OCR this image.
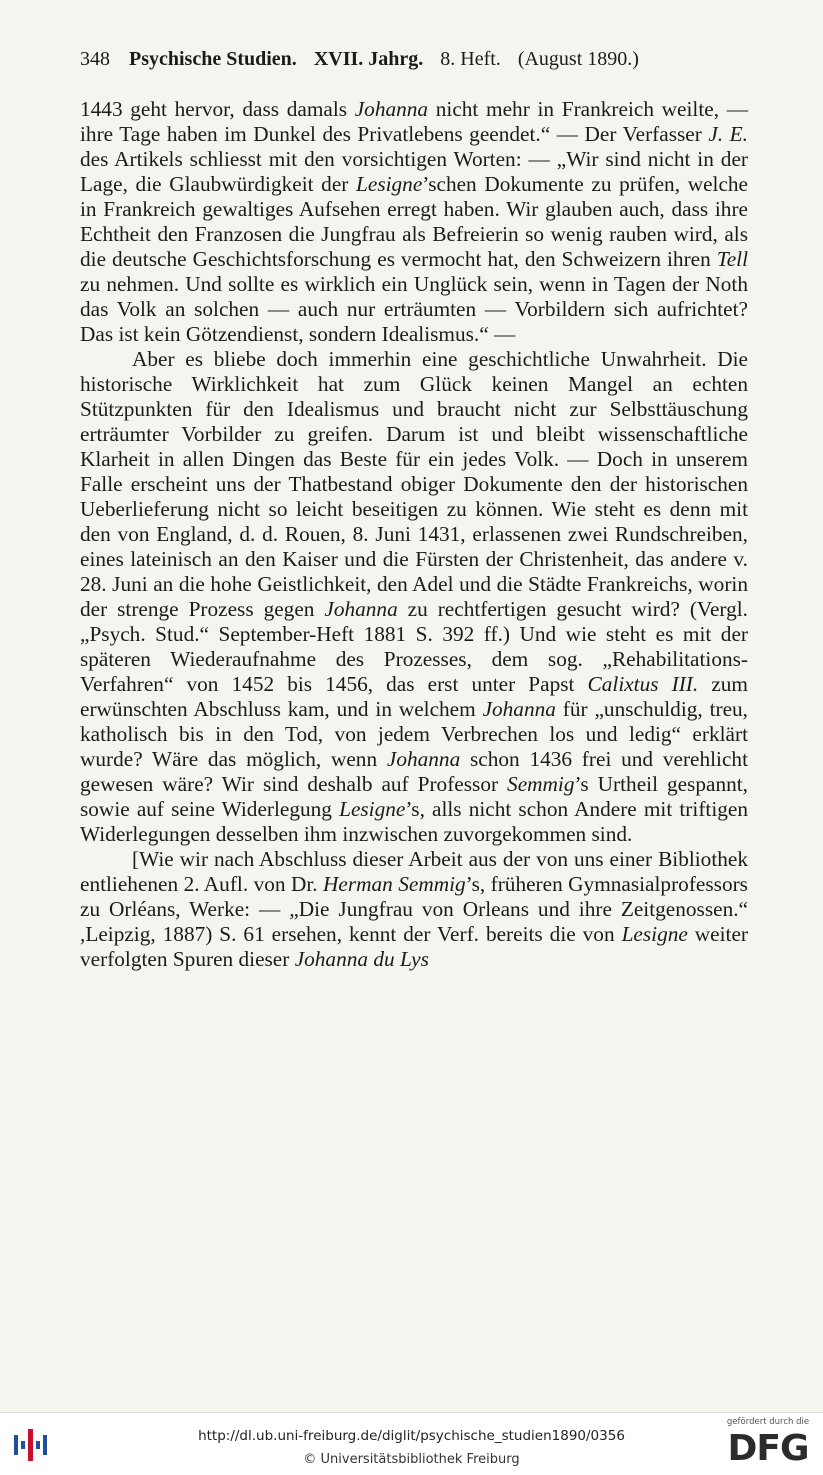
348 Psychische Studien. XVII. Jahrg. 8. Heft. (August 1890.)

1443 geht hervor, dass damals Johanna nicht mehr in Frankreich weilte, — ihre Tage haben im Dunkel des Privatlebens geendet.“ — Der Verfasser J. E. des Artikels schliesst mit den vorsichtigen Worten: — „Wir sind nicht in der Lage, die Glaubwürdigkeit der Lesigne’schen Dokumente zu prüfen, welche in Frankreich gewaltiges Aufsehen erregt haben. Wir glauben auch, dass ihre Echtheit den Franzosen die Jungfrau als Befreierin so wenig rauben wird, als die deutsche Geschichtsforschung es vermocht hat, den Schweizern ihren Tell zu nehmen. Und sollte es wirklich ein Unglück sein, wenn in Tagen der Noth das Volk an solchen — auch nur erträumten — Vorbildern sich aufrichtet? Das ist kein Götzendienst, sondern Idealismus.“ —

Aber es bliebe doch immerhin eine geschichtliche Unwahrheit. Die historische Wirklichkeit hat zum Glück keinen Mangel an echten Stützpunkten für den Idealismus und braucht nicht zur Selbsttäuschung erträumter Vorbilder zu greifen. Darum ist und bleibt wissenschaftliche Klarheit in allen Dingen das Beste für ein jedes Volk. — Doch in unserem Falle erscheint uns der Thatbestand obiger Dokumente den der historischen Ueberlieferung nicht so leicht beseitigen zu können. Wie steht es denn mit den von England, d. d. Rouen, 8. Juni 1431, erlassenen zwei Rundschreiben, eines lateinisch an den Kaiser und die Fürsten der Christenheit, das andere v. 28. Juni an die hohe Geistlichkeit, den Adel und die Städte Frankreichs, worin der strenge Prozess gegen Johanna zu rechtfertigen gesucht wird? (Vergl. „Psych. Stud.“ September-Heft 1881 S. 392 ff.) Und wie steht es mit der späteren Wiederaufnahme des Prozesses, dem sog. „Rehabilitations-Verfahren“ von 1452 bis 1456, das erst unter Papst Calixtus III. zum erwünschten Abschluss kam, und in welchem Johanna für „unschuldig, treu, katholisch bis in den Tod, von jedem Verbrechen los und ledig“ erklärt wurde? Wäre das möglich, wenn Johanna schon 1436 frei und verehlicht gewesen wäre? Wir sind deshalb auf Professor Semmig’s Urtheil gespannt, sowie auf seine Widerlegung Lesigne’s, alls nicht schon Andere mit triftigen Widerlegungen desselben ihm inzwischen zuvorgekommen sind.

[Wie wir nach Abschluss dieser Arbeit aus der von uns einer Bibliothek entliehenen 2. Aufl. von Dr. Herman Semmig’s, früheren Gymnasialprofessors zu Orléans, Werke: — „Die Jungfrau von Orleans und ihre Zeitgenossen.“ ,Leipzig, 1887) S. 61 ersehen, kennt der Verf. bereits die von Lesigne weiter verfolgten Spuren dieser Johanna du Lys

http://dl.ub.uni-freiburg.de/diglit/psychische_studien1890/0356
© Universitätsbibliothek Freiburg
gefördert durch die
DFG
